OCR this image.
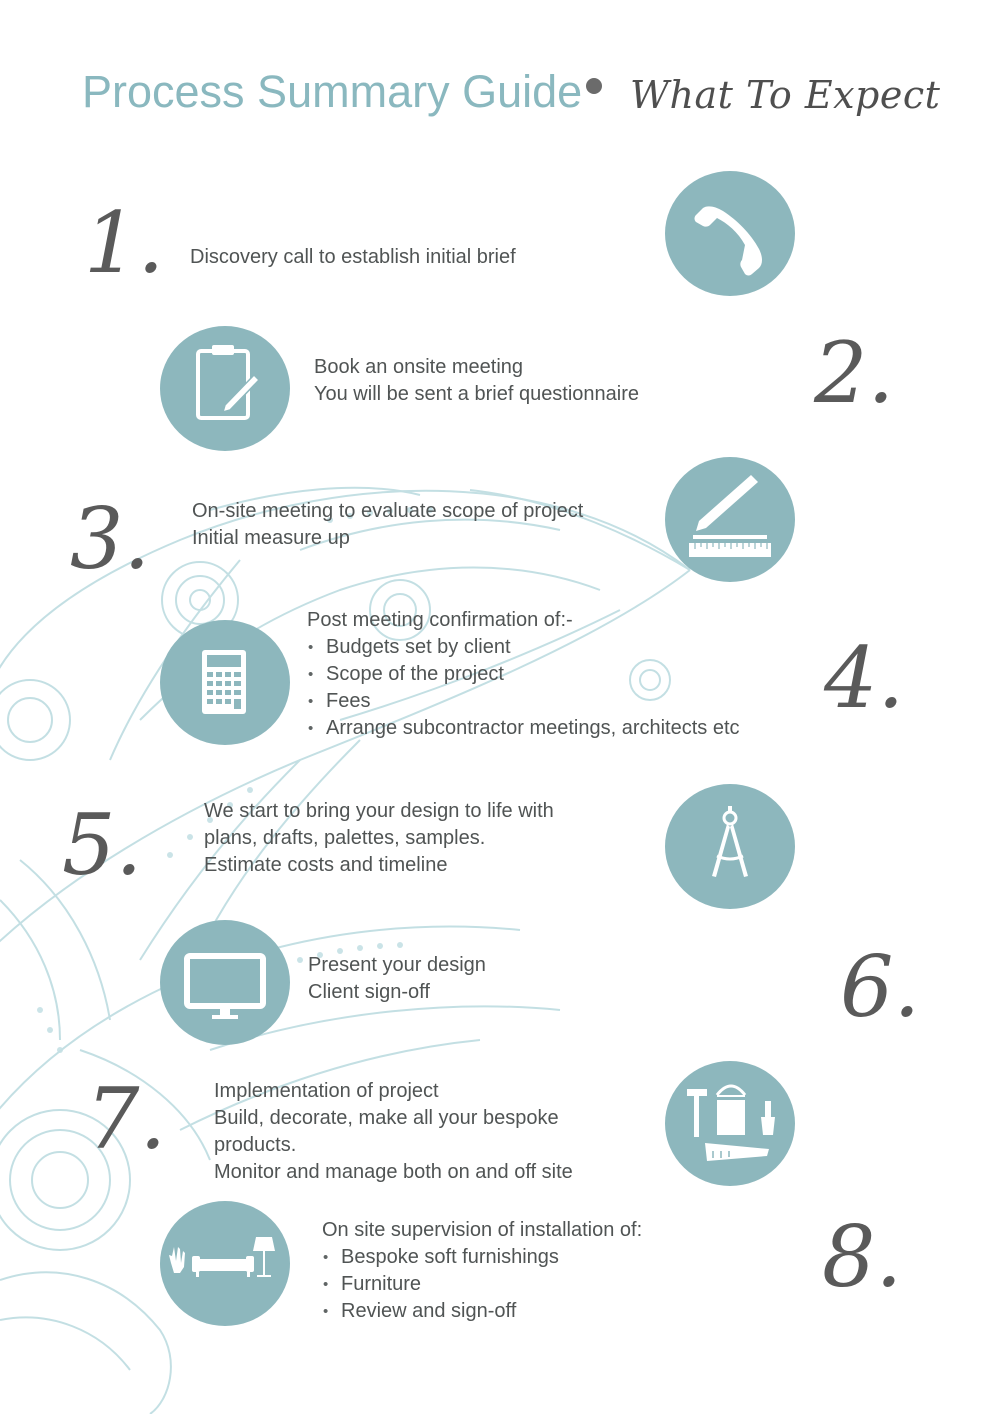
Process Summary Guide What To Expect
1. Discovery call to establish initial brief
Book an onsite meeting
You will be sent a brief questionnaire 2.
3. On-site meeting to evaluate scope of project
Initial measure up
Post meeting confirmation of:-
• Budgets set by client
• Scope of the project
• Fees
• Arrange subcontractor meetings, architects etc
4.
5.	We start to bring your design to life with
plans, drafts, palettes, samples.
Estimate costs and timeline
Present your design
Client sign-off	6.
7. Implementation of project
Build, decorate, make all your bespoke
products.
Monitor and manage both on and off site
On site supervision of installation of:
• Bespoke soft furnishings
• Furniture
• Review and sign-off
8.
